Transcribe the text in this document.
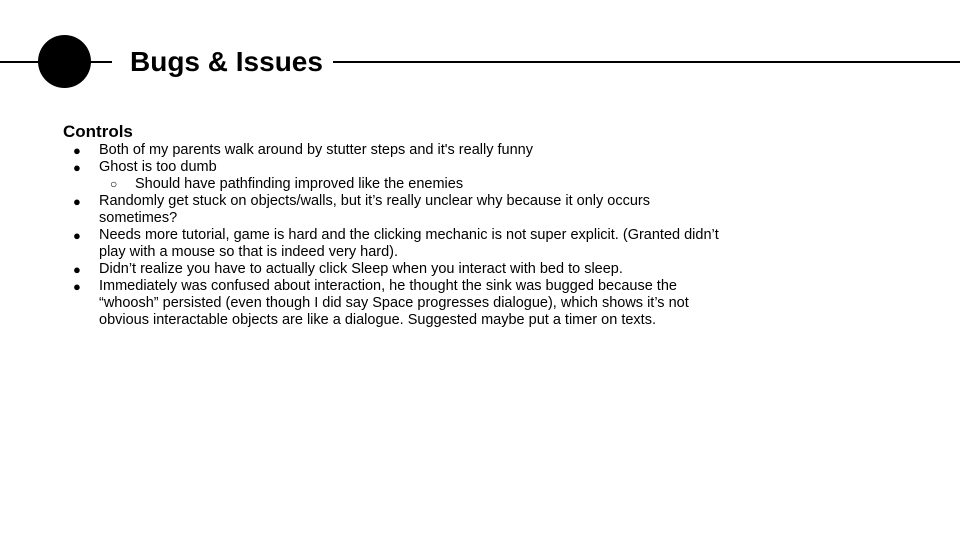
Bugs & Issues
Controls
● Both of my parents walk around by stutter steps and it's really funny
● Ghost is too dumb
○ Should have pathfinding improved like the enemies
● Randomly get stuck on objects/walls, but it’s really unclear why because it only occurs sometimes?
● Needs more tutorial, game is hard and the clicking mechanic is not super explicit. (Granted didn’t play with a mouse so that is indeed very hard).
● Didn’t realize you have to actually click Sleep when you interact with bed to sleep.
● Immediately was confused about interaction, he thought the sink was bugged because the “whoosh” persisted (even though I did say Space progresses dialogue), which shows it’s not obvious interactable objects are like a dialogue. Suggested maybe put a timer on texts.
